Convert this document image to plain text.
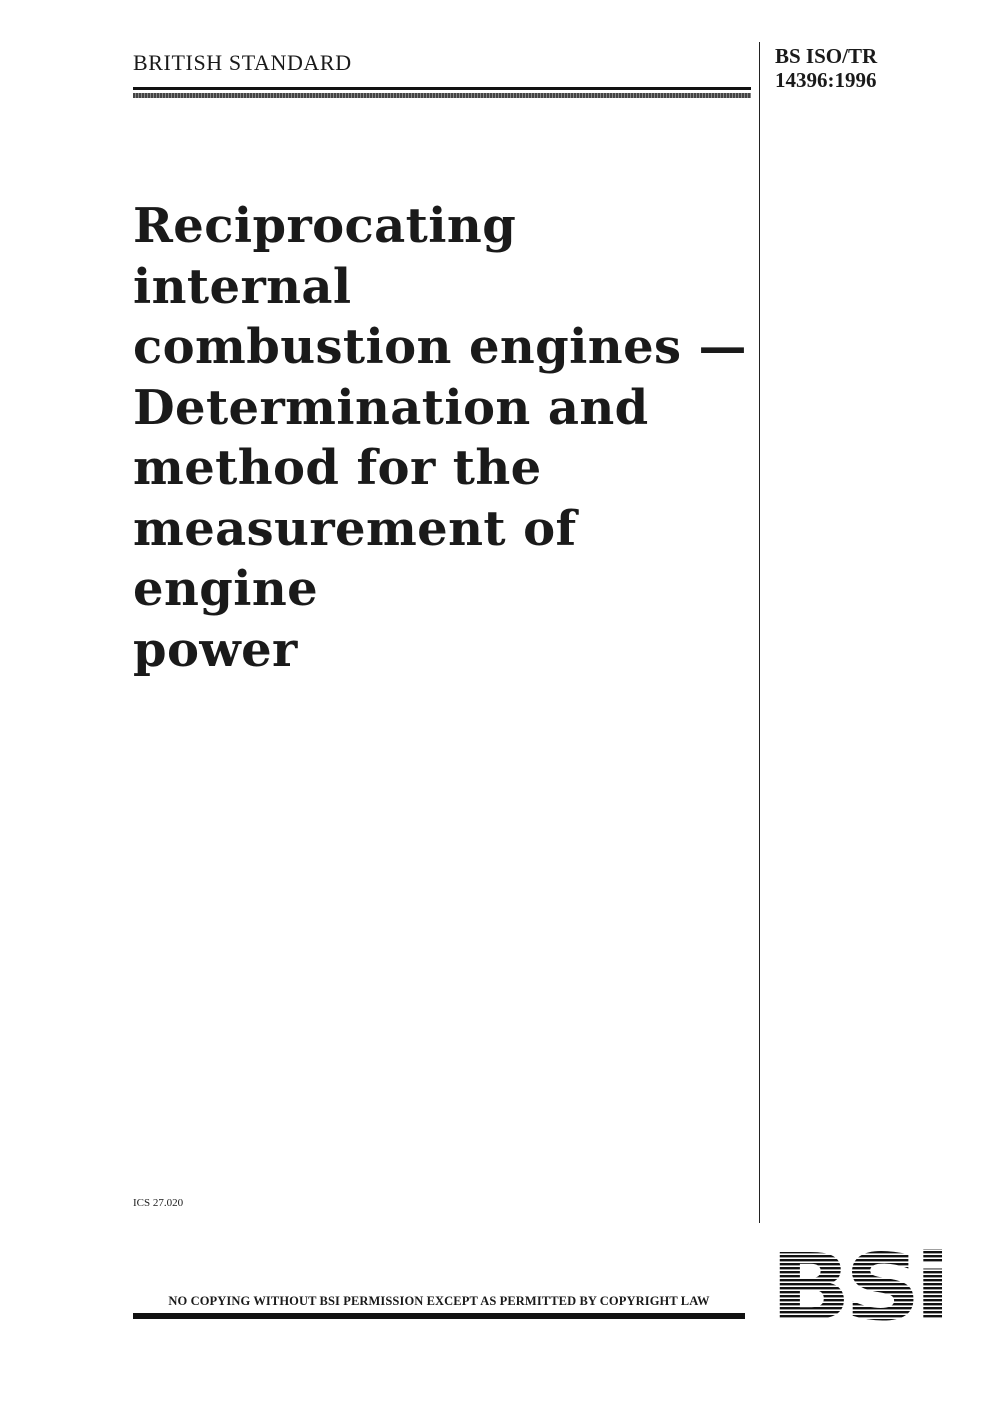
BRITISH STANDARD	BS ISO/TR
14396:1996
Reciprocating internal
combustion engines —
Determination and
method for the
measurement of engine
power
ICS 27.020
NO COPYING WITHOUT BSI PERMISSION EXCEPT AS PERMITTED BY COPYRIGHT LAW
